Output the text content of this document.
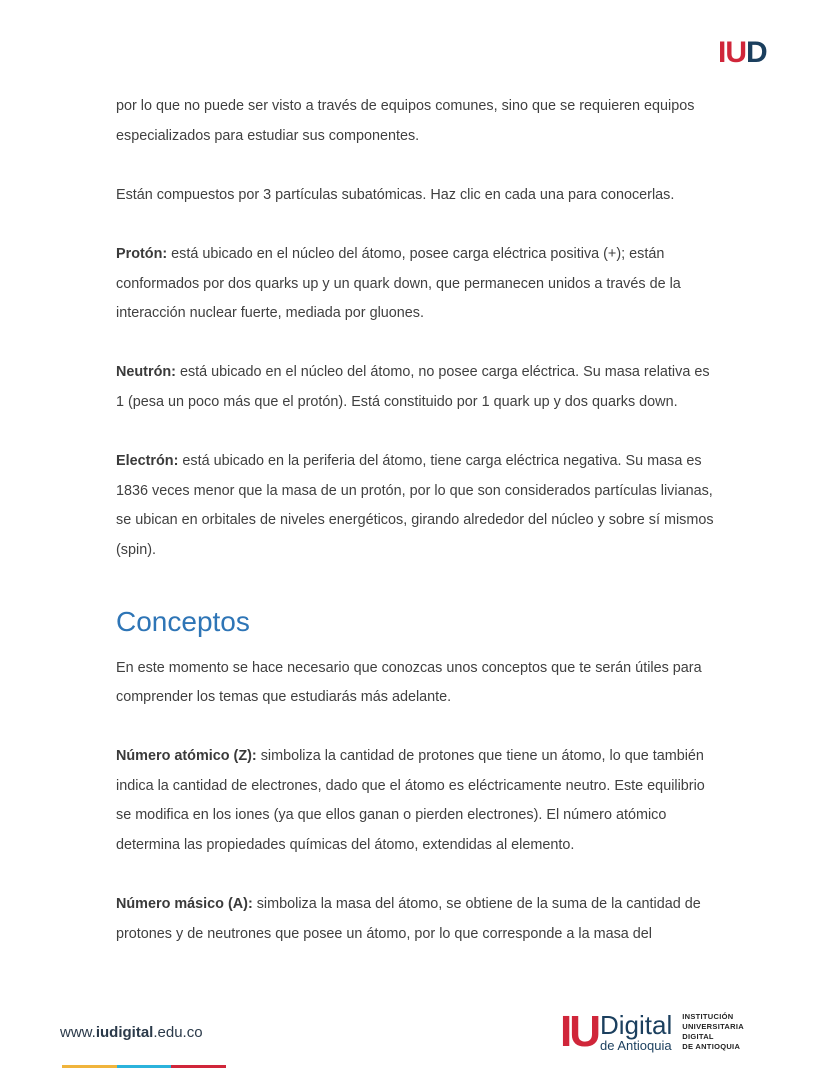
IUD

por lo que no puede ser visto a través de equipos comunes, sino que se requieren equipos especializados para estudiar sus componentes.

Están compuestos por 3 partículas subatómicas. Haz clic en cada una para conocerlas.

Protón: está ubicado en el núcleo del átomo, posee carga eléctrica positiva (+); están conformados por dos quarks up y un quark down, que permanecen unidos a través de la interacción nuclear fuerte, mediada por gluones.

Neutrón: está ubicado en el núcleo del átomo, no posee carga eléctrica. Su masa relativa es 1 (pesa un poco más que el protón). Está constituido por 1 quark up y dos quarks down.

Electrón: está ubicado en la periferia del átomo, tiene carga eléctrica negativa. Su masa es 1836 veces menor que la masa de un protón, por lo que son considerados partículas livianas, se ubican en orbitales de niveles energéticos, girando alrededor del núcleo y sobre sí mismos (spin).

Conceptos

En este momento se hace necesario que conozcas unos conceptos que te serán útiles para comprender los temas que estudiarás más adelante.

Número atómico (Z): simboliza la cantidad de protones que tiene un átomo, lo que también indica la cantidad de electrones, dado que el átomo es eléctricamente neutro. Este equilibrio se modifica en los iones (ya que ellos ganan o pierden electrones). El número atómico determina las propiedades químicas del átomo, extendidas al elemento.

Número másico (A): simboliza la masa del átomo, se obtiene de la suma de la cantidad de protones y de neutrones que posee un átomo, por lo que corresponde a la masa del

www.iudigital.edu.co	IU Digital
de Antioquia
INSTITUCIÓN
UNIVERSITARIA
DIGITAL
DE ANTIOQUIA
